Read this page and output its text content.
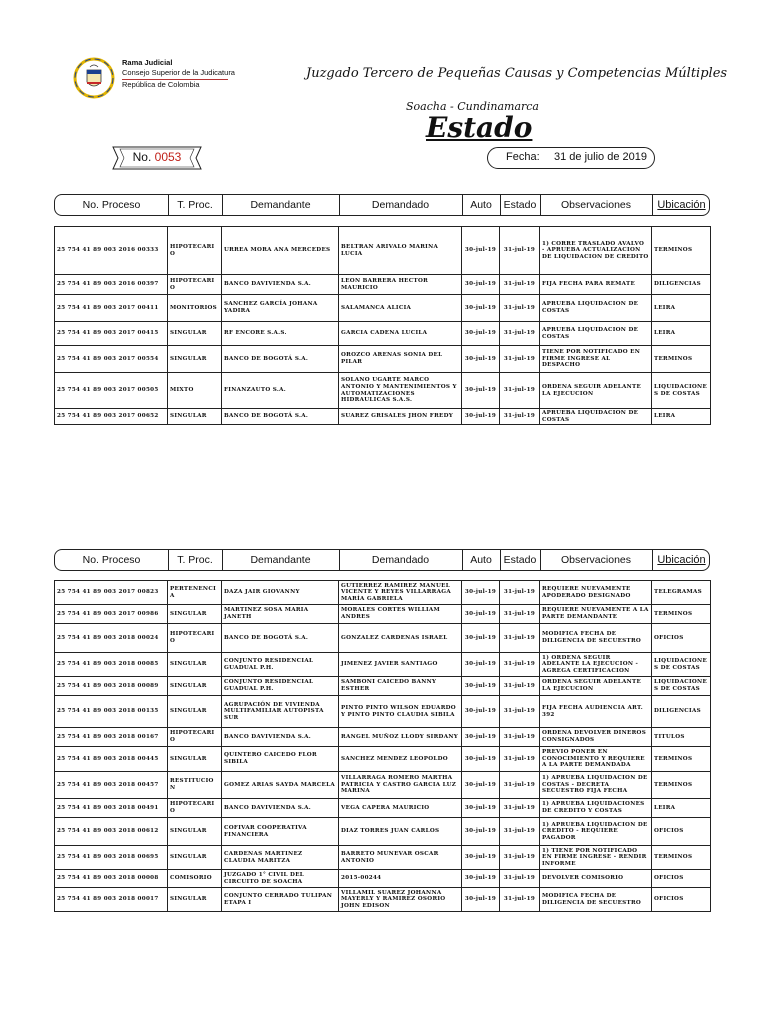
Rama Judicial
Consejo Superior de la Judicatura
República de Colombia
Juzgado Tercero de Pequeñas Causas y Competencias Múltiples
Soacha - Cundinamarca
Estado
No. 0053	Fecha: 31 de julio de 2019
No. Proceso	T. Proc.	Demandante	Demandado	Auto	Estado	Observaciones	Ubicación
25 754 41 89 003 2016 00333	HIPOTECARIO	URREA MORA ANA MERCEDES	BELTRAN ARIVALO MARINA LUCIA	30-jul-19	31-jul-19	1) CORRE TRASLADO AVALVO - APRUEBA ACTUALIZACION DE LIQUIDACION DE CREDITO	TERMINOS
25 754 41 89 003 2016 00397	HIPOTECARIO	BANCO DAVIVIENDA S.A.	LEON BARRERA HECTOR MAURICIO	30-jul-19	31-jul-19	FIJA FECHA PARA REMATE	DILIGENCIAS
25 754 41 89 003 2017 00411	MONITORIOS	SANCHEZ GARCÍA JOHANA YADIRA	SALAMANCA ALICIA	30-jul-19	31-jul-19	APRUEBA LIQUIDACION DE COSTAS	LEIRA
25 754 41 89 003 2017 00415	SINGULAR	RF ENCORE S.A.S.	GARCIA CADENA LUCILA	30-jul-19	31-jul-19	APRUEBA LIQUIDACION DE COSTAS	LEIRA
25 754 41 89 003 2017 00554	SINGULAR	BANCO DE BOGOTÁ S.A.	OROZCO ARENAS SONIA DEL PILAR	30-jul-19	31-jul-19	TIENE POR NOTIFICADO EN FIRME INGRESE AL DESPACHO	TERMINOS
25 754 41 89 003 2017 00505	MIXTO	FINANZAUTO S.A.	SOLANO UGARTE MARCO ANTONIO Y MANTENIMIENTOS Y AUTOMATIZACIONES HIDRAULICAS S.A.S.	30-jul-19	31-jul-19	ORDENA SEGUIR ADELANTE LA EJECUCION	LIQUIDACIONES DE COSTAS
25 754 41 89 003 2017 00652	SINGULAR	BANCO DE BOGOTÁ S.A.	SUAREZ GRISALES JHON FREDY	30-jul-19	31-jul-19	APRUEBA LIQUIDACION DE COSTAS	LEIRA
No. Proceso	T. Proc.	Demandante	Demandado	Auto	Estado	Observaciones	Ubicación
25 754 41 89 003 2017 00823	PERTENENCIA	DAZA JAIR GIOVANNY	GUTIERREZ RAMIREZ MANUEL VICENTE Y REYES VILLARRAGA MARÍA GABRIELA	30-jul-19	31-jul-19	REQUIERE NUEVAMENTE APODERADO DESIGNADO	TELEGRAMAS
25 754 41 89 003 2017 00986	SINGULAR	MARTINEZ SOSA MARIA JANETH	MORALES CORTES WILLIAM ANDRES	30-jul-19	31-jul-19	REQUIERE NUEVAMENTE A LA PARTE DEMANDANTE	TERMINOS
25 754 41 89 003 2018 00024	HIPOTECARIO	BANCO DE BOGOTÁ S.A.	GONZALEZ CARDENAS ISRAEL	30-jul-19	31-jul-19	MODIFICA FECHA DE DILIGENCIA DE SECUESTRO	OFICIOS
25 754 41 89 003 2018 00085	SINGULAR	CONJUNTO RESIDENCIAL GUADUAL P.H.	JIMENEZ JAVIER SANTIAGO	30-jul-19	31-jul-19	1) ORDENA SEGUIR ADELANTE LA EJECUCION - AGREGA CERTIFICACION	LIQUIDACIONES DE COSTAS
25 754 41 89 003 2018 00089	SINGULAR	CONJUNTO RESIDENCIAL GUADUAL P.H.	SAMBONI CAICEDO BANNY ESTHER	30-jul-19	31-jul-19	ORDENA SEGUIR ADELANTE LA EJECUCION	LIQUIDACIONES DE COSTAS
25 754 41 89 003 2018 00135	SINGULAR	AGRUPACIÓN DE VIVIENDA MULTIFAMILIAR AUTOPISTA SUR	PINTO PINTO WILSON EDUARDO Y PINTO PINTO CLAUDIA SIBILA	30-jul-19	31-jul-19	FIJA FECHA AUDIENCIA ART. 392	DILIGENCIAS
25 754 41 89 003 2018 00167	HIPOTECARIO	BANCO DAVIVIENDA S.A.	RANGEL MUÑOZ LLODY SIRDANY	30-jul-19	31-jul-19	ORDENA DEVOLVER DINEROS CONSIGNADOS	TITULOS
25 754 41 89 003 2018 00445	SINGULAR	QUINTERO CAICEDO FLOR SIBILA	SANCHEZ MENDEZ LEOPOLDO	30-jul-19	31-jul-19	PREVIO PONER EN CONOCIMIENTO Y REQUIERE A LA PARTE DEMANDADA	TERMINOS
25 754 41 89 003 2018 00457	RESTITUCION	GOMEZ ARIAS SAYDA MARCELA	VILLARRAGA ROMERO MARTHA PATRICIA Y CASTRO GARCIA LUZ MARINA	30-jul-19	31-jul-19	1) APRUEBA LIQUIDACION DE COSTAS - DECRETA SECUESTRO FIJA FECHA	TERMINOS
25 754 41 89 003 2018 00491	HIPOTECARIO	BANCO DAVIVIENDA S.A.	VEGA CAPERA MAURICIO	30-jul-19	31-jul-19	1) APRUEBA LIQUIDACIONES DE CREDITO Y COSTAS	LEIRA
25 754 41 89 003 2018 00612	SINGULAR	COFIVAR COOPERATIVA FINANCIERA	DIAZ TORRES JUAN CARLOS	30-jul-19	31-jul-19	1) APRUEBA LIQUIDACION DE CREDITO - REQUIERE PAGADOR	OFICIOS
25 754 41 89 003 2018 00695	SINGULAR	CARDENAS MARTINEZ CLAUDIA MARITZA	BARRETO MUNEVAR OSCAR ANTONIO	30-jul-19	31-jul-19	1) TIENE POR NOTIFICADO EN FIRME INGRESE - RENDIR INFORME	TERMINOS
25 754 41 89 003 2018 00008	COMISORIO	JUZGADO 1° CIVIL DEL CIRCUITO DE SOACHA	2015-00244	30-jul-19	31-jul-19	DEVOLVER COMISORIO	OFICIOS
25 754 41 89 003 2018 00017	SINGULAR	CONJUNTO CERRADO TULIPAN ETAPA I	VILLAMIL SUAREZ JOHANNA MAYERLY Y RAMIREZ OSORIO JOHN EDISON	30-jul-19	31-jul-19	MODIFICA FECHA DE DILIGENCIA DE SECUESTRO	OFICIOS
